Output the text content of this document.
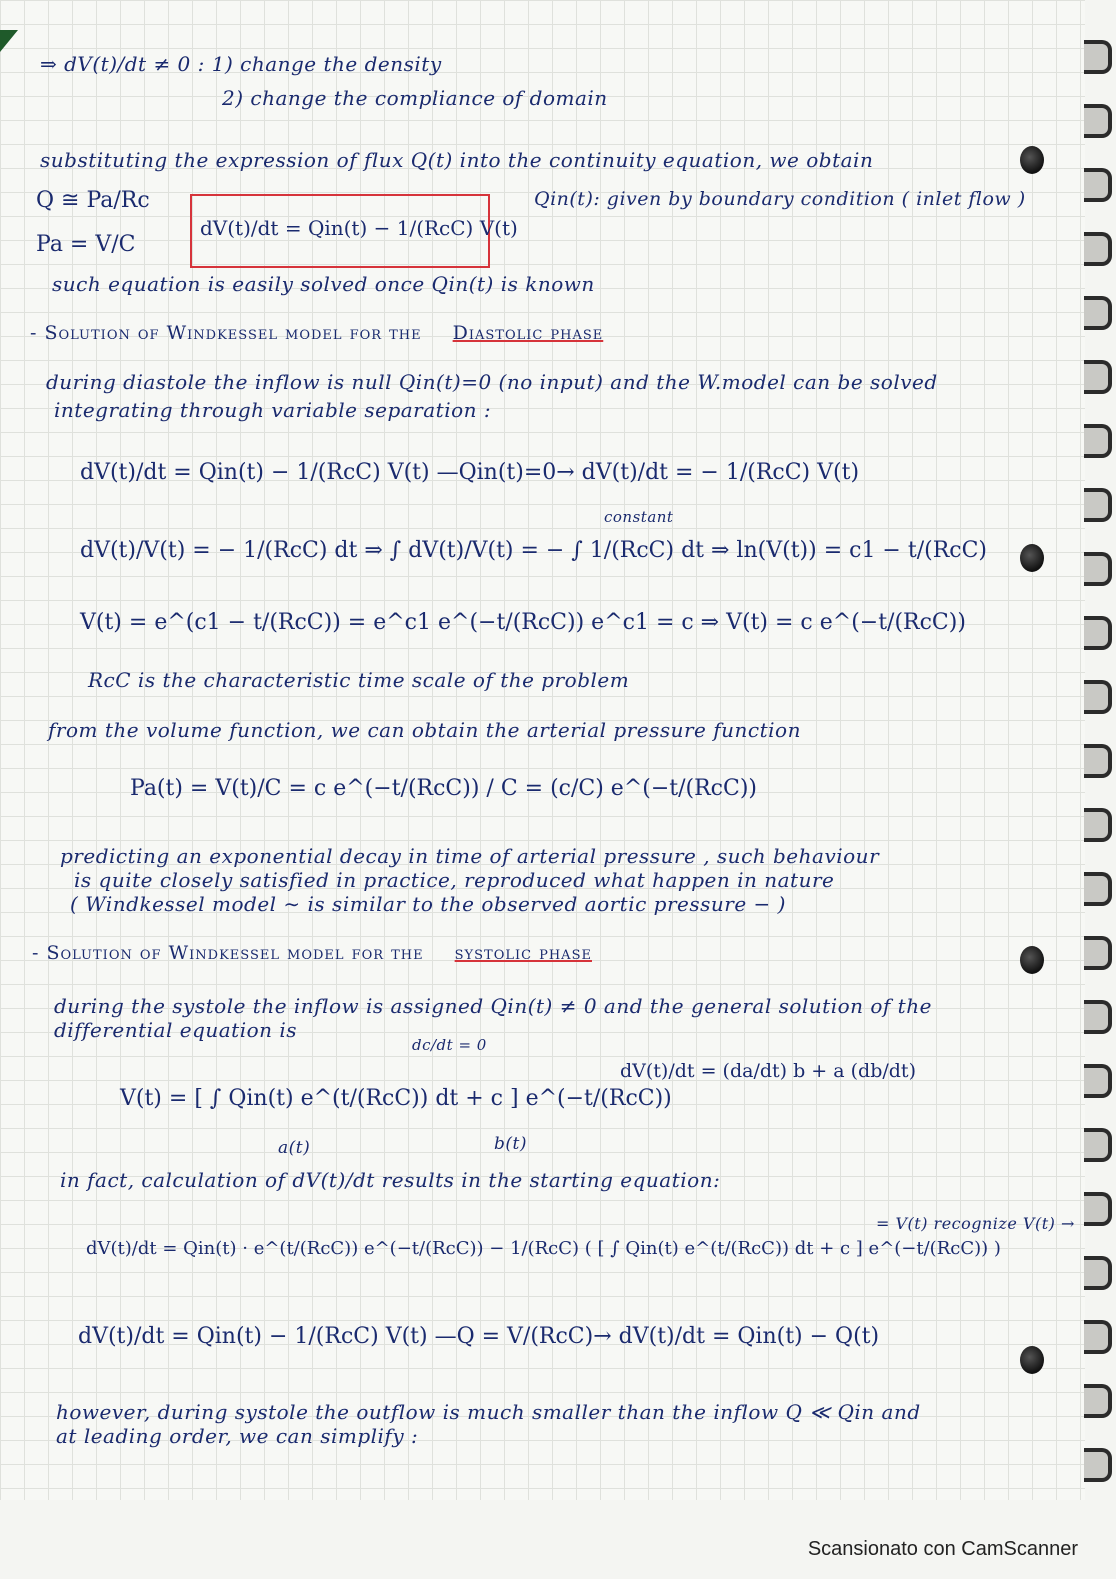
⇒ dV(t)/dt ≠ 0 : 1) change the density
2) change the compliance of domain
substituting the expression of flux Q(t) into the continuity equation, we obtain
Q ≅ Pa/Rc	Qin(t): given by boundary condition ( inlet flow )
Pa = V/C
dV(t)/dt = Qin(t) − 1/(RcC) V(t)
such equation is easily solved once Qin(t) is known
- Solution of Windkessel model for the Diastolic phase
during diastole the inflow is null Qin(t)=0 (no input) and the W.model can be solved
integrating through variable separation :
dV(t)/dt = Qin(t) − 1/(RcC) V(t) —Qin(t)=0→ dV(t)/dt = − 1/(RcC) V(t)
constant
dV(t)/V(t) = − 1/(RcC) dt ⇒ ∫ dV(t)/V(t) = − ∫ 1/(RcC) dt ⇒ ln(V(t)) = c1 − t/(RcC)
V(t) = e^(c1 − t/(RcC)) = e^c1 e^(−t/(RcC)) e^c1 = c ⇒ V(t) = c e^(−t/(RcC))
RcC is the characteristic time scale of the problem
from the volume function, we can obtain the arterial pressure function
Pa(t) = V(t)/C = c e^(−t/(RcC)) / C = (c/C) e^(−t/(RcC))
predicting an exponential decay in time of arterial pressure , such behaviour
is quite closely satisfied in practice, reproduced what happen in nature
( Windkessel model ∼ is similar to the observed aortic pressure − )
- Solution of Windkessel model for the systolic phase
during the systole the inflow is assigned Qin(t) ≠ 0 and the general solution of the
differential equation is
dc/dt = 0
V(t) = [ ∫ Qin(t) e^(t/(RcC)) dt + c ] e^(−t/(RcC))
dV(t)/dt = (da/dt) b + a (db/dt)
a(t)	b(t)
in fact, calculation of dV(t)/dt results in the starting equation:
dV(t)/dt = Qin(t) · e^(t/(RcC)) e^(−t/(RcC)) − 1/(RcC) ( [ ∫ Qin(t) e^(t/(RcC)) dt + c ] e^(−t/(RcC)) )
= V(t) recognize V(t) →
dV(t)/dt = Qin(t) − 1/(RcC) V(t) —Q = V/(RcC)→ dV(t)/dt = Qin(t) − Q(t)
however, during systole the outflow is much smaller than the inflow Q ≪ Qin and
at leading order, we can simplify :
Scansionato con CamScanner
